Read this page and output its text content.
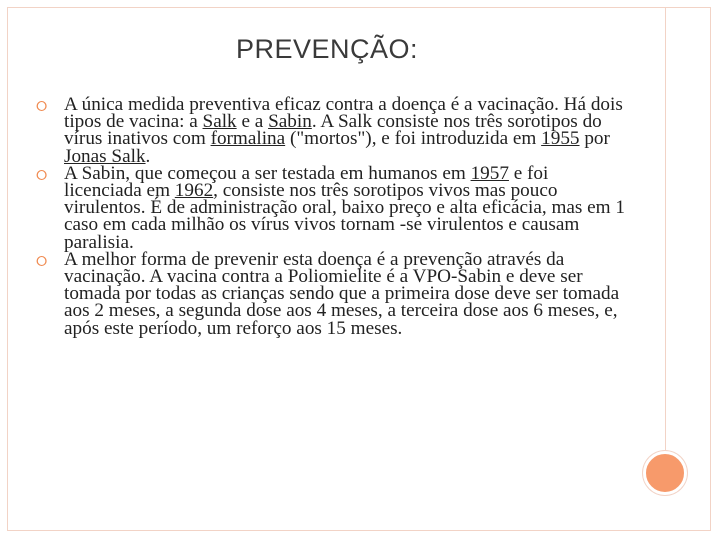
PREVENÇÃO:
⭘ A única medida preventiva eficaz contra a doença é a vacinação. Há dois tipos de vacina: a Salk e a Sabin. A Salk consiste nos três sorotipos do vírus inativos com formalina ("mortos"), e foi introduzida em 1955 por Jonas Salk.
⭘ A Sabin, que começou a ser testada em humanos em 1957 e foi licenciada em 1962, consiste nos três sorotipos vivos mas pouco virulentos. É de administração oral, baixo preço e alta eficácia, mas em 1 caso em cada milhão os vírus vivos tornam -se virulentos e causam paralisia.
⭘ A melhor forma de prevenir esta doença é a prevenção através da vacinação. A vacina contra a Poliomielite é a VPO-Sabin e deve ser tomada por todas as crianças sendo que a primeira dose deve ser tomada aos 2 meses, a segunda dose aos 4 meses, a terceira dose aos 6 meses, e, após este período, um reforço aos 15 meses.
